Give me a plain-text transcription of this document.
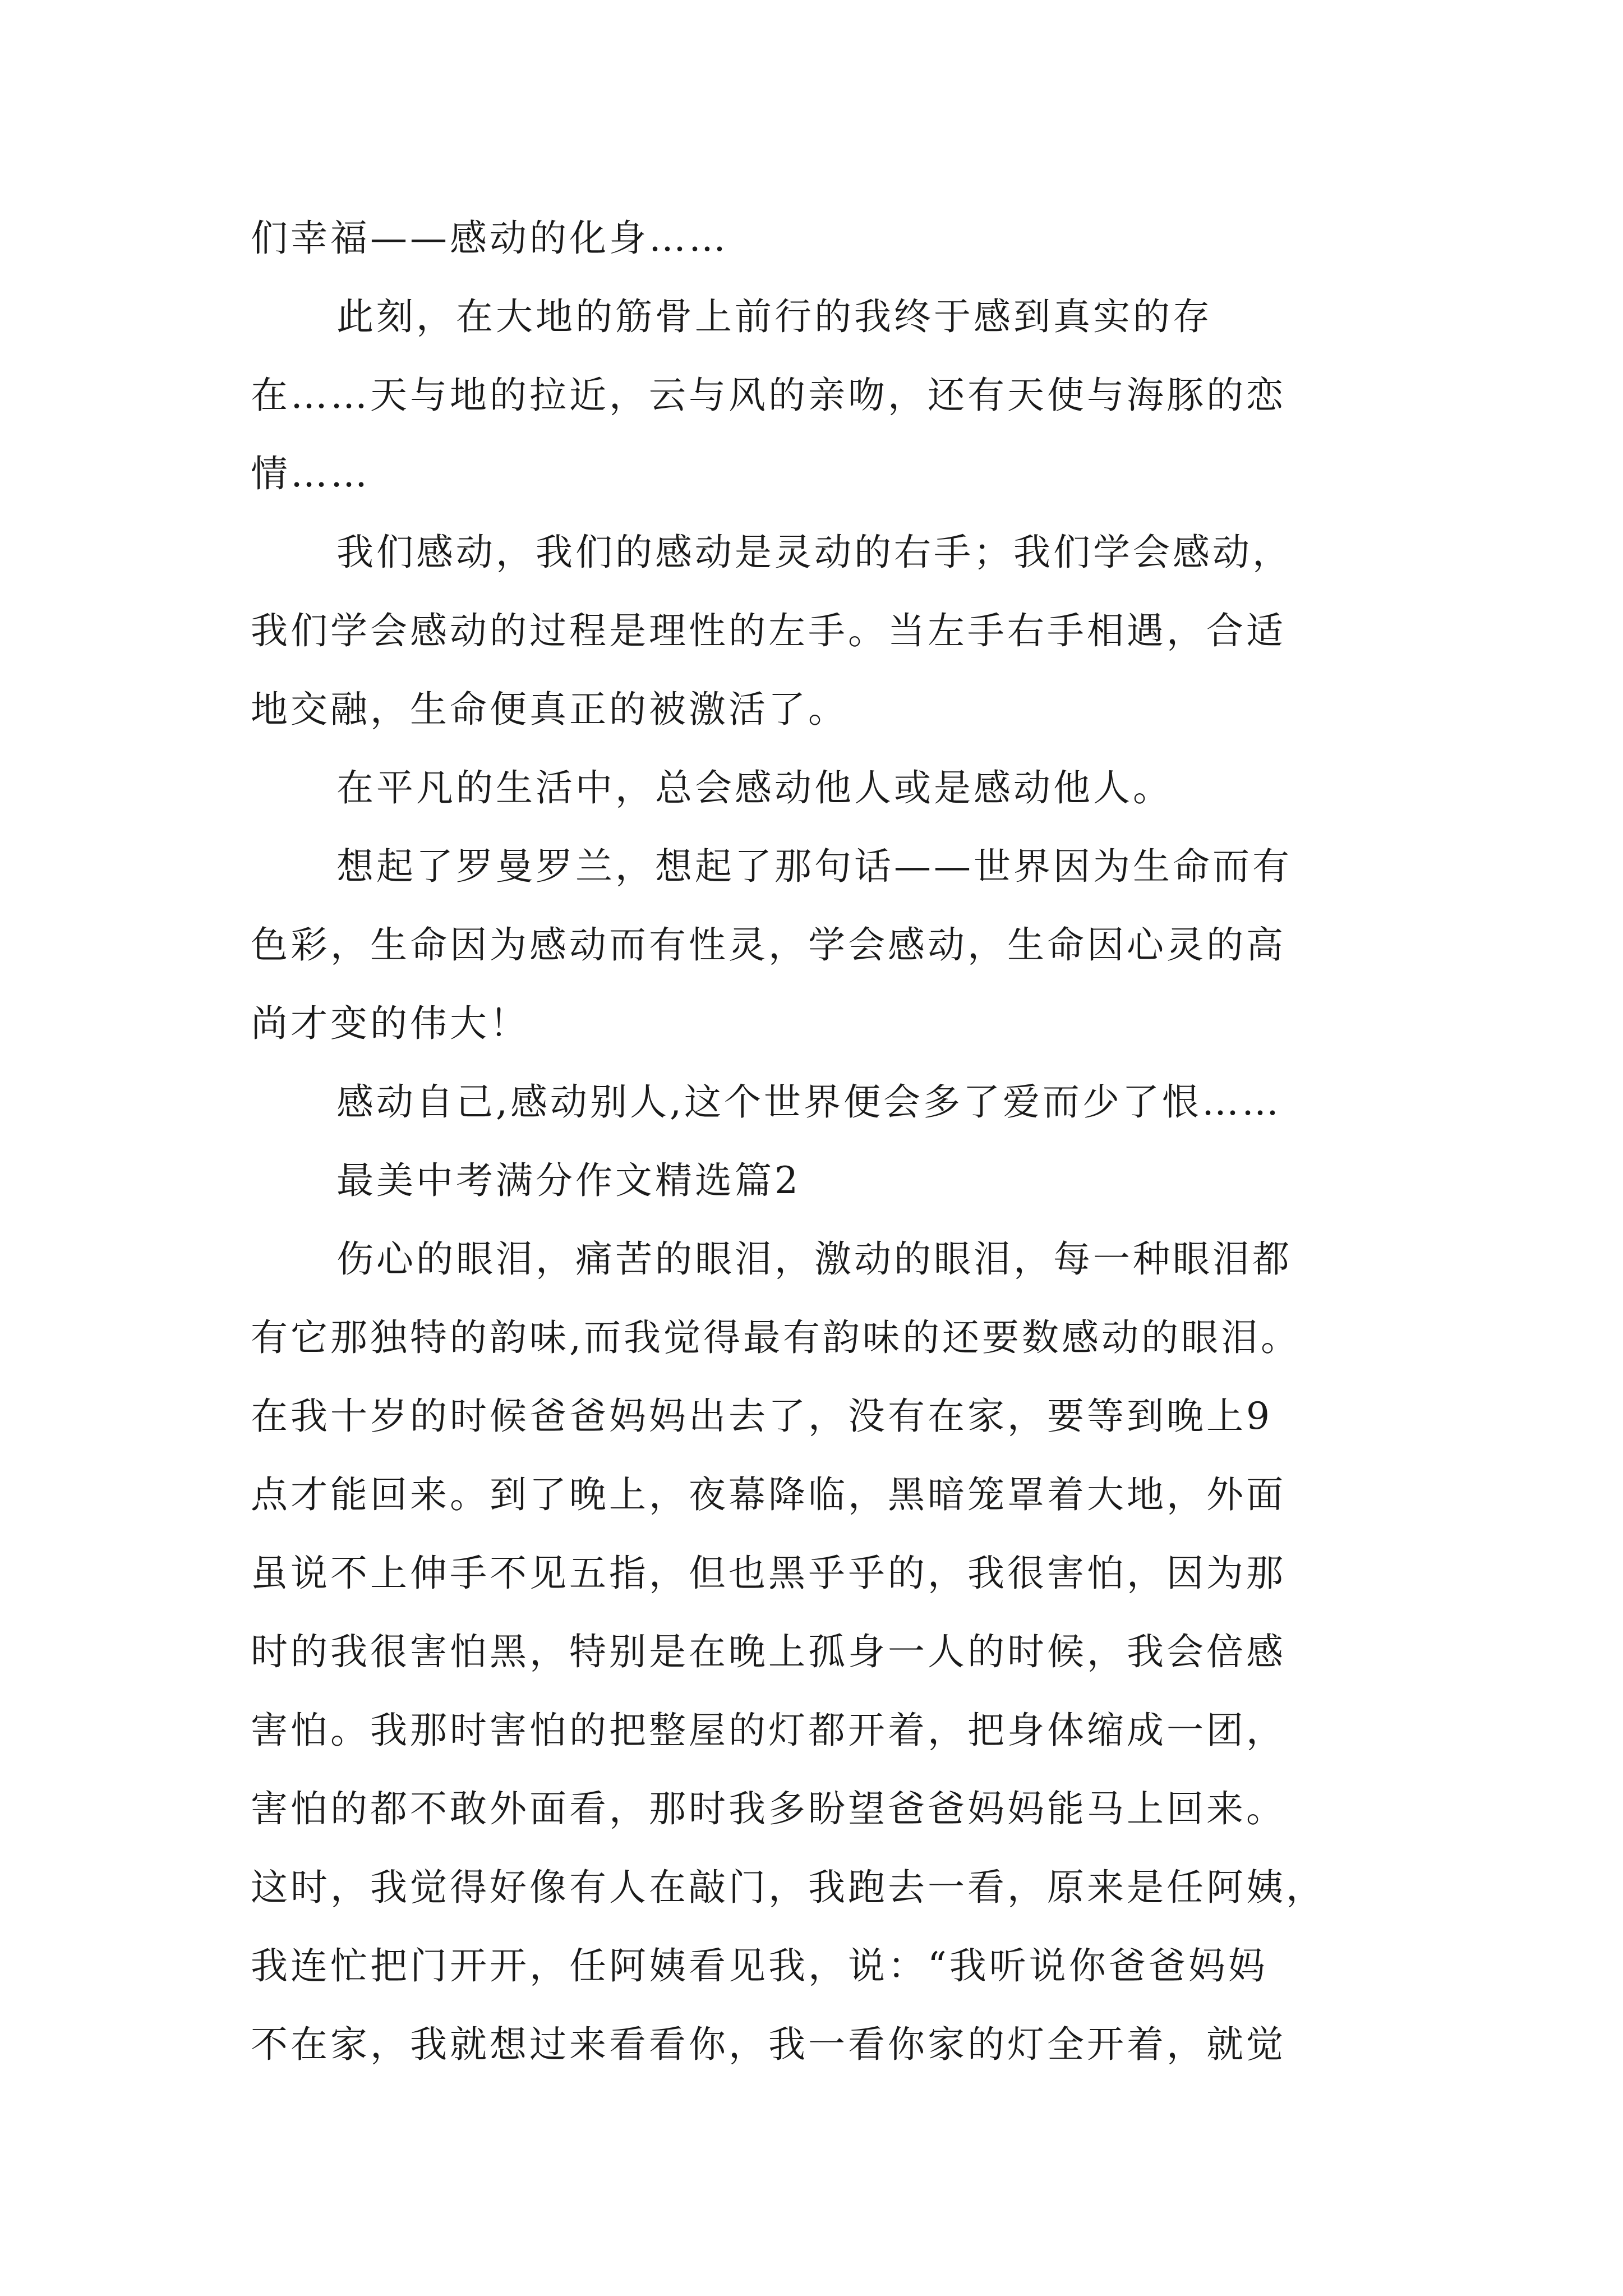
们幸福——感动的化身……
此刻，在大地的筋骨上前行的我终于感到真实的存
在……天与地的拉近，云与风的亲吻，还有天使与海豚的恋
情……
我们感动，我们的感动是灵动的右手；我们学会感动，
我们学会感动的过程是理性的左手。当左手右手相遇，合适
地交融，生命便真正的被激活了。
在平凡的生活中，总会感动他人或是感动他人。
想起了罗曼罗兰，想起了那句话——世界因为生命而有
色彩，生命因为感动而有性灵，学会感动，生命因心灵的高
尚才变的伟大！
感动自己,感动别人,这个世界便会多了爱而少了恨……
最美中考满分作文精选篇2
伤心的眼泪，痛苦的眼泪，激动的眼泪，每一种眼泪都
有它那独特的韵味,而我觉得最有韵味的还要数感动的眼泪。
在我十岁的时候爸爸妈妈出去了，没有在家，要等到晚上9
点才能回来。到了晚上，夜幕降临，黑暗笼罩着大地，外面
虽说不上伸手不见五指，但也黑乎乎的，我很害怕，因为那
时的我很害怕黑，特别是在晚上孤身一人的时候，我会倍感
害怕。我那时害怕的把整屋的灯都开着，把身体缩成一团，
害怕的都不敢外面看，那时我多盼望爸爸妈妈能马上回来。
这时，我觉得好像有人在敲门，我跑去一看，原来是任阿姨，
我连忙把门开开，任阿姨看见我，说：“我听说你爸爸妈妈
不在家，我就想过来看看你，我一看你家的灯全开着，就觉
